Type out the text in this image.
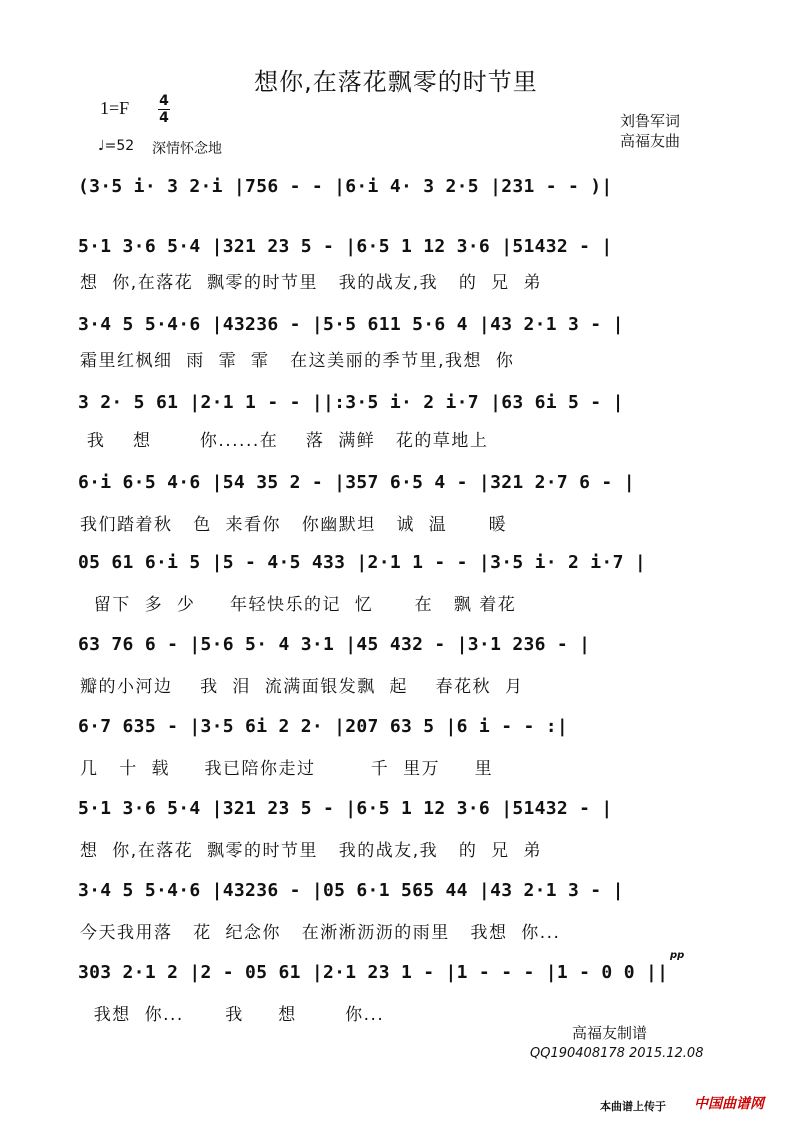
想你,在落花飘零的时节里
1=F 4
4
♩=52 深情怀念地
刘鲁军词
高福友曲
(3·5 i· 3 2·i |756 - - |6·i 4· 3 2·5 |231 - - )|
5·1 3·6 5·4 |321 23 5 - |6·5 1 12 3·6 |51432 - |
想  你,在落花  飘零的时节里   我的战友,我   的  兄  弟
3·4 5 5·4·6 |43236 - |5·5 611 5·6 4 |43 2·1 3 - |
霜里红枫细  雨  霏  霏   在这美丽的季节里,我想  你
3 2· 5 61 |2·1 1 - - ||:3·5 i· 2 i·7 |63 6i 5 - |
我    想       你......在    落  满鲜   花的草地上
6·i 6·5 4·6 |54 35 2 - |357 6·5 4 - |321 2·7 6 - |
我们踏着秋   色  来看你   你幽默坦   诚  温      暖
05 61 6·i 5 |5 - 4·5 433 |2·1 1 - - |3·5 i· 2 i·7 |
留下  多  少     年轻快乐的记  忆      在   飘 着花
63 76 6 - |5·6 5· 4 3·1 |45 432 - |3·1 236 - |
瓣的小河边    我  泪  流满面银发飘  起    春花秋  月
6·7 635 - |3·5 6i 2 2· |207 63 5 |6 i - - :|
几   十  载     我已陪你走过        千  里万     里
5·1 3·6 5·4 |321 23 5 - |6·5 1 12 3·6 |51432 - |
想  你,在落花  飘零的时节里   我的战友,我   的  兄  弟
3·4 5 5·4·6 |43236 - |05 6·1 565 44 |43 2·1 3 - |
今天我用落   花  纪念你   在淅淅沥沥的雨里   我想  你...
pp
303 2·1 2 |2 - 05 61 |2·1 23 1 - |1 - - - |1 - 0 0 ||
我想  你...      我     想       你...
高福友制谱
QQ190408178 2015.12.08
本曲谱上传于 中国曲谱网
